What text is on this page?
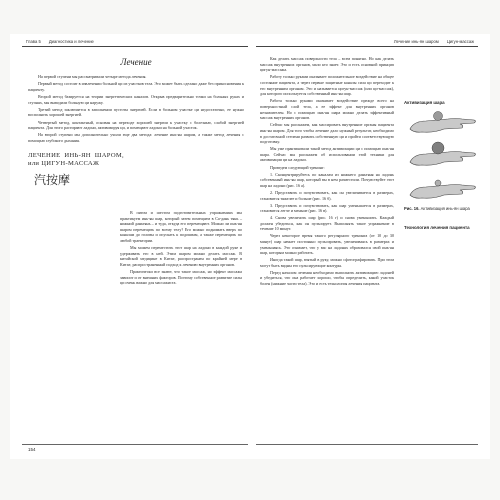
Глава 5 Диагностика и лечение	Лечение инь-ян шаром Цигун-массаж
Лечение

На первой ступени мы рассматривали четыре метода лечения.

Первый метод состоит в извлечении больной ци из участков тела. Это может быть сделано даже без прикосновения к пациенту.

Второй метод базируется на теории энергетических каналов. Открыв предварительно точки на больных руках и ступнях, мы выводили больную ци наружу.

Третий метод заключается в заполнении пустоты энергией. Если в больном участке ци недостаточно, ее нужно восполнить хорошей энергией.

Четвертый метод, контактный, основан на переходе хорошей энергии к участку с болезнью, слабой энергией пациента. Для этого растирают ладони, активизируя ци, и помещают ладони на больной участок.

На второй ступени мы дополнительно учили еще два метода: лечение инь-ян шаром, а также метод лечения с помощью глубокого дыхания.

ЛЕЧЕНИЕ ИНЬ-ЯН ШАРОМ, или ЦИГУН-МАССАЖ
汽按摩

В пятом и шестом подготовительных упражнениях мы практикуем инь-ян шар, который затем помещаем в Са-дань тянь – нижний даньтянь – и туда, откуда его перемещают. Можно ли инь-ян шаром перемещать по всему телу? Его можно поднимать вверх по каналам до головы и опускать к подошвам, а также перемещать по любой траектории.

Мы можем переместить этот шар на ладони в каждой руке и удерживать его в ней. Этим шаром можно делать массаж. В китайской медицине в Китае, распространен по крайней мере в Китае, распространенный подход к лечению внутренних органов.

Практически все знают, что такое массаж, но эффект массажа зависит и от внешних факторов. Поэтому собственное развитие силы ци очень важно для массажиста.

Как делать массаж поверхности тела – всем понятно. Но как делать массаж внутренних органов, мало кто знает. Это и есть основной принцип цигун-массажа.

Работу только руками оказывает положительное воздействие на общее состояние пациента, а через первые защитные каналы сила ци переходит к его внутренним органам. Это и называется цигун-массаж (или ци-массаж), для которого используется собственный инь-ян шар.

Работа только руками оказывает воздействие прежде всего на поверхностный слой тела, а ее эффект для внутренних органов незначителен. Но с помощью инь-ян шара можно делать эффективный массаж внутренних органов.

Сейчас мы расскажем, как массировать внутренние органы пациента инь-ян шаром. Для того чтобы лечение дало нужный результат, необходимо в достаточной степени развить собственную ци и пройти соответствующую подготовку.

Мы уже практиковали такой метод активизации ци с помощью инь-ян шара. Сейчас мы расскажем об использовании этой техники для активизации ци на ладони.

Проведем следующий тренинг:

1. Сконцентрируйтесь по каналам из нижнего даньтяня на ладонь собственный инь-ян шар, который вы в нем разместили. Почувствуйте этот шар на ладони (рис. 16 а).

2. Представить и почувствовать, как он увеличивается в размерах, становится тяжелее и больше (рис. 16 б).

3. Представить и почувствовать, как шар уменьшается в размерах, становится легче и меньше (рис. 16 в).

4. Снова увеличить шар (рис. 16 г) и снова уменьшить. Каждый должен убедиться, как он пульсирует. Выполнять такое упражнение в течение 10 минут.

Через некоторое время такого регулярного тренинга (от 10 до 30 минут) шар начнет постоянно пульсировать, увеличиваясь в размерах и уменьшаясь. Это означает, что у вас на ладонях образовался свой инь-ян шар, которым можно работать.

Иногда такой шар, взятый в руку, можно сфотографировать. При этом могут быть видны его пульсирующие контуры.

Перед началом лечения необходимо выполнить активизацию ладоней и убедиться, что она работает хорошо, чтобы определить, какой участок болен (нижние части тела). Это и есть технология лечения пациента.

Активизация шара
Рис. 16. Активизация инь-ян шара
Технология лечения пациента
154
